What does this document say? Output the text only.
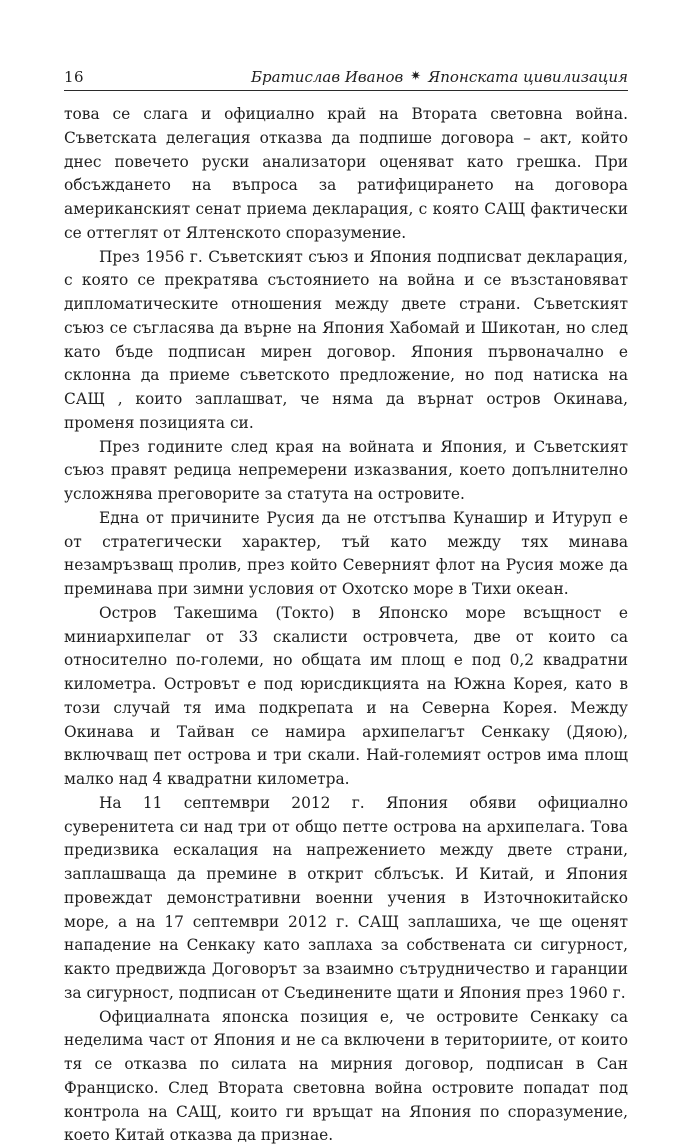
16	Братислав Иванов ✷ Японската цивилизация

това се слага и официално край на Втората световна война. Съветската делегация отказва да подпише договора – акт, който днес повечето руски анализатори оценяват като грешка. При обсъждането на въпроса за ратифицирането на договора американският сенат приема декларация, с която САЩ фактически се оттеглят от Ялтенското споразумение.

През 1956 г. Съветският съюз и Япония подписват декларация, с която се прекратява състоянието на война и се възстановяват дипломатическите отношения между двете страни. Съветският съюз се съгласява да върне на Япония Хабомай и Шикотан, но след като бъде подписан мирен договор. Япония първоначално е склонна да приеме съветското предложение, но под натиска на САЩ , които заплашват, че няма да върнат остров Окинава, променя позицията си.

През годините след края на войната и Япония, и Съветският съюз правят редица непремерени изказвания, което допълнително усложнява преговорите за статута на островите.

Една от причините Русия да не отстъпва Кунашир и Итуруп е от стратегически характер, тъй като между тях минава незамръзващ пролив, през който Северният флот на Русия може да преминава при зимни условия от Охотско море в Тихи океан.

Остров Такешима (Токто) в Японско море всъщност е миниархипелаг от 33 скалисти островчета, две от които са относително по-големи, но общата им площ е под 0,2 квадратни километра. Островът е под юрисдикцията на Южна Корея, като в този случай тя има подкрепата и на Северна Корея. Между Окинава и Тайван се намира архипелагът Сенкаку (Дяою), включващ пет острова и три скали. Най-големият остров има площ малко над 4 квадратни километра.

На 11 септември 2012 г. Япония обяви официално суверенитета си над три от общо петте острова на архипелага. Това предизвика ескалация на напрежението между двете страни, заплашваща да премине в открит сблъсък. И Китай, и Япония провеждат демонстративни военни учения в Източнокитайско море, а на 17 септември 2012 г. САЩ заплашиха, че ще оценят нападение на Сенкаку като заплаха за собствената си сигурност, както предвижда Договорът за взаимно сътрудничество и гаранции за сигурност, подписан от Съединените щати и Япония през 1960 г.

Официалната японска позиция е, че островите Сенкаку са неделима част от Япония и не са включени в териториите, от които тя се отказва по силата на мирния договор, подписан в Сан Франциско. След Втората световна война островите попадат под контрола на САЩ, които ги връщат на Япония по споразумение, което Китай отказва да признае.
